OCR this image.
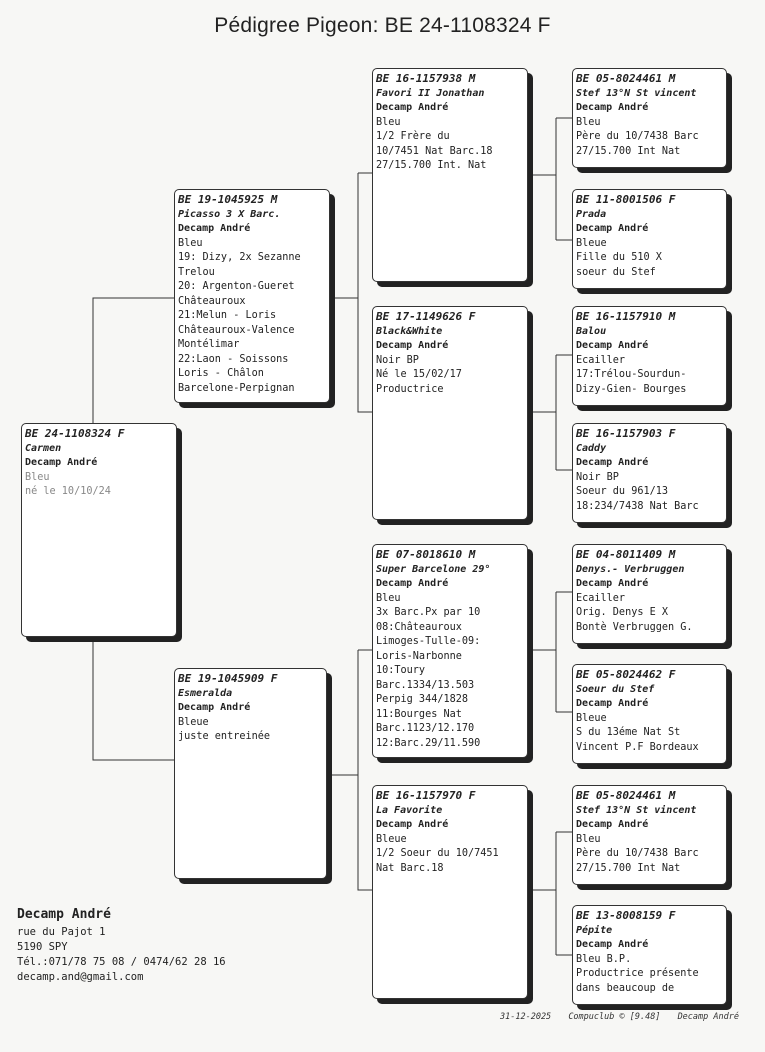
Pédigree Pigeon: BE 24-1108324 F
BE 24-1108324 F
Carmen
Decamp André
Bleu
né le 10/10/24
BE 19-1045925 M
Picasso 3 X Barc.
Decamp André
Bleu
19: Dizy, 2x Sezanne
Trelou
20: Argenton-Gueret
Châteauroux
21:Melun - Loris
Châteauroux-Valence
Montélimar
22:Laon - Soissons
Loris - Châlon
Barcelone-Perpignan
BE 19-1045909 F
Esmeralda
Decamp André
Bleue
juste entreinée
BE 16-1157938 M
Favori II Jonathan
Decamp André
Bleu
1/2 Frère du
10/7451 Nat Barc.18
27/15.700 Int. Nat
BE 17-1149626 F
Black&White
Decamp André
Noir BP
Né le 15/02/17
Productrice
BE 07-8018610 M
Super Barcelone 29°
Decamp André
Bleu
3x Barc.Px par 10
08:Châteauroux
Limoges-Tulle-09:
Loris-Narbonne
10:Toury
Barc.1334/13.503
Perpig 344/1828
11:Bourges Nat
Barc.1123/12.170
12:Barc.29/11.590
BE 16-1157970 F
La Favorite
Decamp André
Bleue
1/2 Soeur du 10/7451
Nat Barc.18
BE 05-8024461 M
Stef 13°N St vincent
Decamp André
Bleu
Père du 10/7438 Barc
27/15.700 Int Nat
BE 11-8001506 F
Prada
Decamp André
Bleue
Fille du 510 X
soeur du Stef
BE 16-1157910 M
Balou
Decamp André
Ecailler
17:Trélou-Sourdun-
Dizy-Gien- Bourges
BE 16-1157903 F
Caddy
Decamp André
Noir BP
Soeur du 961/13
18:234/7438 Nat Barc
BE 04-8011409 M
Denys.- Verbruggen
Decamp André
Ecailler
Orig. Denys E X
Bontè Verbruggen G.
BE 05-8024462 F
Soeur du Stef
Decamp André
Bleue
S du 13éme Nat St
Vincent P.F Bordeaux
BE 05-8024461 M
Stef 13°N St vincent
Decamp André
Bleu
Père du 10/7438 Barc
27/15.700 Int Nat
BE 13-8008159 F
Pépite
Decamp André
Bleu B.P.
Productrice présente
dans beaucoup de
Decamp André
rue du Pajot 1
5190 SPY
Tél.:071/78 75 08 / 0474/62 28 16
decamp.and@gmail.com
31-12-2025 Compuclub © [9.48] Decamp André
